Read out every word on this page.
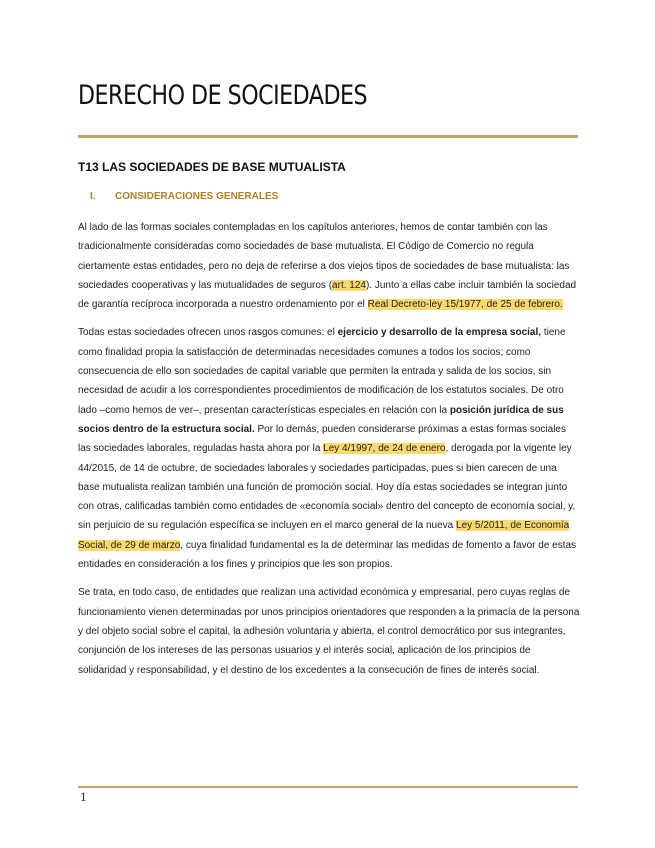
DERECHO DE SOCIEDADES
T13 LAS SOCIEDADES DE BASE MUTUALISTA
I. CONSIDERACIONES GENERALES

Al lado de las formas sociales contempladas en los capítulos anteriores, hemos de contar también con las tradicionalmente consideradas como sociedades de base mutualista. El Código de Comercio no regula ciertamente estas entidades, pero no deja de referirse a dos viejos tipos de sociedades de base mutualista: las sociedades cooperativas y las mutualidades de seguros (art. 124). Junto a ellas cabe incluir también la sociedad de garantía recíproca incorporada a nuestro ordenamiento por el Real Decreto-ley 15/1977, de 25 de febrero.

Todas estas sociedades ofrecen unos rasgos comunes: el ejercicio y desarrollo de la empresa social, tiene como finalidad propia la satisfacción de determinadas necesidades comunes a todos los socios; como consecuencia de ello son sociedades de capital variable que permiten la entrada y salida de los socios, sin necesidad de acudir a los correspondientes procedimientos de modificación de los estatutos sociales. De otro lado –como hemos de ver–, presentan características especiales en relación con la posición jurídica de sus socios dentro de la estructura social. Por lo demás, pueden considerarse próximas a estas formas sociales las sociedades laborales, reguladas hasta ahora por la Ley 4/1997, de 24 de enero, derogada por la vigente ley 44/2015, de 14 de octubre, de sociedades laborales y sociedades participadas, pues si bien carecen de una base mutualista realizan también una función de promoción social. Hoy día estas sociedades se integran junto con otras, calificadas también como entidades de «economía social» dentro del concepto de economía social, y, sin perjuicio de su regulación específica se incluyen en el marco general de la nueva Ley 5/2011, de Economía Social, de 29 de marzo, cuya finalidad fundamental es la de determinar las medidas de fomento a favor de estas entidades en consideración a los fines y principios que les son propios.

Se trata, en todo caso, de entidades que realizan una actividad económica y empresarial, pero cuyas reglas de funcionamiento vienen determinadas por unos principios orientadores que responden a la primacía de la persona y del objeto social sobre el capital, la adhesión voluntaria y abierta, el control democrático por sus integrantes, conjunción de los intereses de las personas usuarios y el interés social, aplicación de los principios de solidaridad y responsabilidad, y el destino de los excedentes a la consecución de fines de interés social.

1
